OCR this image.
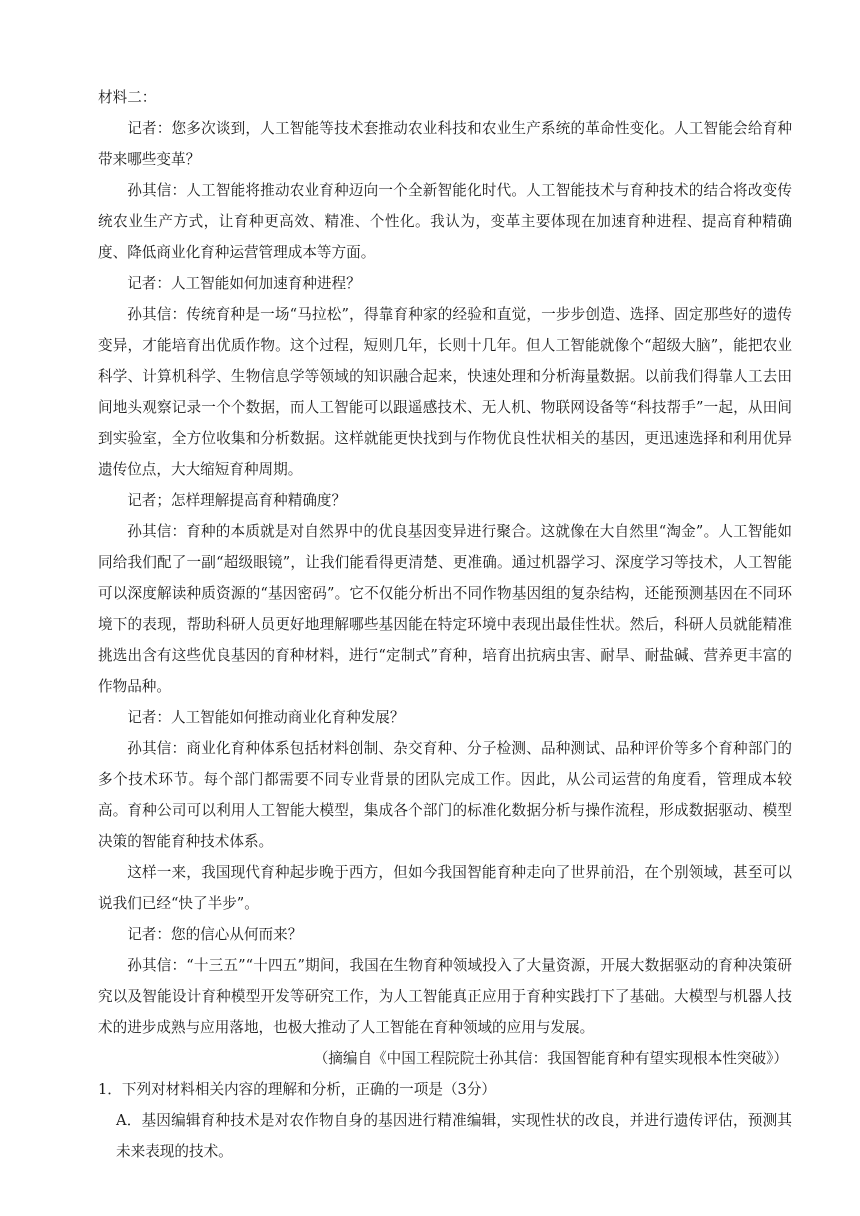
材料二：

记者：您多次谈到，人工智能等技术套推动农业科技和农业生产系统的革命性变化。人工智能会给育种带来哪些变革？

孙其信：人工智能将推动农业育种迈向一个全新智能化时代。人工智能技术与育种技术的结合将改变传统农业生产方式，让育种更高效、精准、个性化。我认为，变革主要体现在加速育种进程、提高育种精确度、降低商业化育种运营管理成本等方面。

记者：人工智能如何加速育种进程？

孙其信：传统育种是一场“马拉松”，得靠育种家的经验和直觉，一步步创造、选择、固定那些好的遗传变异，才能培育出优质作物。这个过程，短则几年，长则十几年。但人工智能就像个“超级大脑”，能把农业科学、计算机科学、生物信息学等领域的知识融合起来，快速处理和分析海量数据。以前我们得靠人工去田间地头观察记录一个个数据，而人工智能可以跟遥感技术、无人机、物联网设备等“科技帮手”一起，从田间到实验室，全方位收集和分析数据。这样就能更快找到与作物优良性状相关的基因，更迅速选择和利用优异遗传位点，大大缩短育种周期。

记者；怎样理解提高育种精确度？

孙其信：育种的本质就是对自然界中的优良基因变异进行聚合。这就像在大自然里“淘金”。人工智能如同给我们配了一副“超级眼镜”，让我们能看得更清楚、更准确。通过机器学习、深度学习等技术，人工智能可以深度解读种质资源的“基因密码”。它不仅能分析出不同作物基因组的复杂结构，还能预测基因在不同环境下的表现，帮助科研人员更好地理解哪些基因能在特定环境中表现出最佳性状。然后，科研人员就能精准挑选出含有这些优良基因的育种材料，进行“定制式”育种，培育出抗病虫害、耐旱、耐盐碱、营养更丰富的作物品种。

记者：人工智能如何推动商业化育种发展？

孙其信：商业化育种体系包括材料创制、杂交育种、分子检测、品种测试、品种评价等多个育种部门的多个技术环节。每个部门都需要不同专业背景的团队完成工作。因此，从公司运营的角度看，管理成本较高。育种公司可以利用人工智能大模型，集成各个部门的标准化数据分析与操作流程，形成数据驱动、模型决策的智能育种技术体系。

这样一来，我国现代育种起步晚于西方，但如今我国智能育种走向了世界前沿，在个别领域，甚至可以说我们已经“快了半步”。

记者：您的信心从何而来？

孙其信：“十三五”“十四五”期间，我国在生物育种领域投入了大量资源，开展大数据驱动的育种决策研究以及智能设计育种模型开发等研究工作，为人工智能真正应用于育种实践打下了基础。大模型与机器人技术的进步成熟与应用落地，也极大推动了人工智能在育种领域的应用与发展。

（摘编自《中国工程院院士孙其信：我国智能育种有望实现根本性突破》）

1．下列对材料相关内容的理解和分析，正确的一项是（3分）

A．基因编辑育种技术是对农作物自身的基因进行精准编辑，实现性状的改良，并进行遗传评估，预测其未来表现的技术。
